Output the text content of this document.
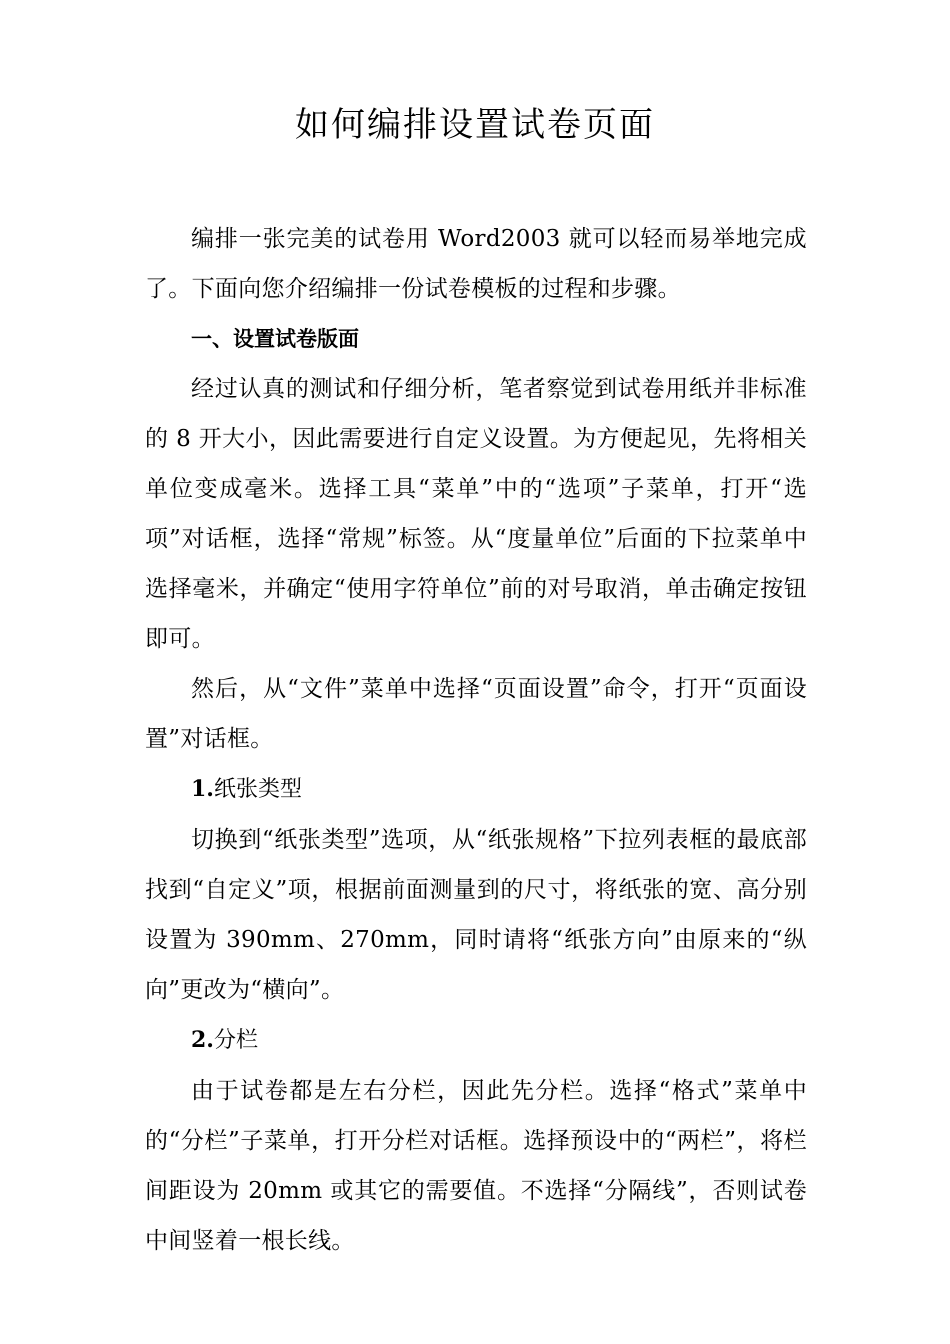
如何编排设置试卷页面

编排一张完美的试卷用 Word2003 就可以轻而易举地完成了。下面向您介绍编排一份试卷模板的过程和步骤。

一、设置试卷版面

经过认真的测试和仔细分析，笔者察觉到试卷用纸并非标准的 8 开大小，因此需要进行自定义设置。为方便起见，先将相关单位变成毫米。选择工具“菜单”中的“选项”子菜单，打开“选项”对话框，选择“常规”标签。从“度量单位”后面的下拉菜单中选择毫米，并确定“使用字符单位”前的对号取消，单击确定按钮即可。

然后，从“文件”菜单中选择“页面设置”命令，打开“页面设置”对话框。

1.纸张类型

切换到“纸张类型”选项，从“纸张规格”下拉列表框的最底部找到“自定义”项，根据前面测量到的尺寸，将纸张的宽、高分别设置为 390mm、270mm，同时请将“纸张方向”由原来的“纵向”更改为“横向”。

2.分栏

由于试卷都是左右分栏，因此先分栏。选择“格式”菜单中的“分栏”子菜单，打开分栏对话框。选择预设中的“两栏”，将栏间距设为 20mm 或其它的需要值。不选择“分隔线”，否则试卷中间竖着一根长线。
